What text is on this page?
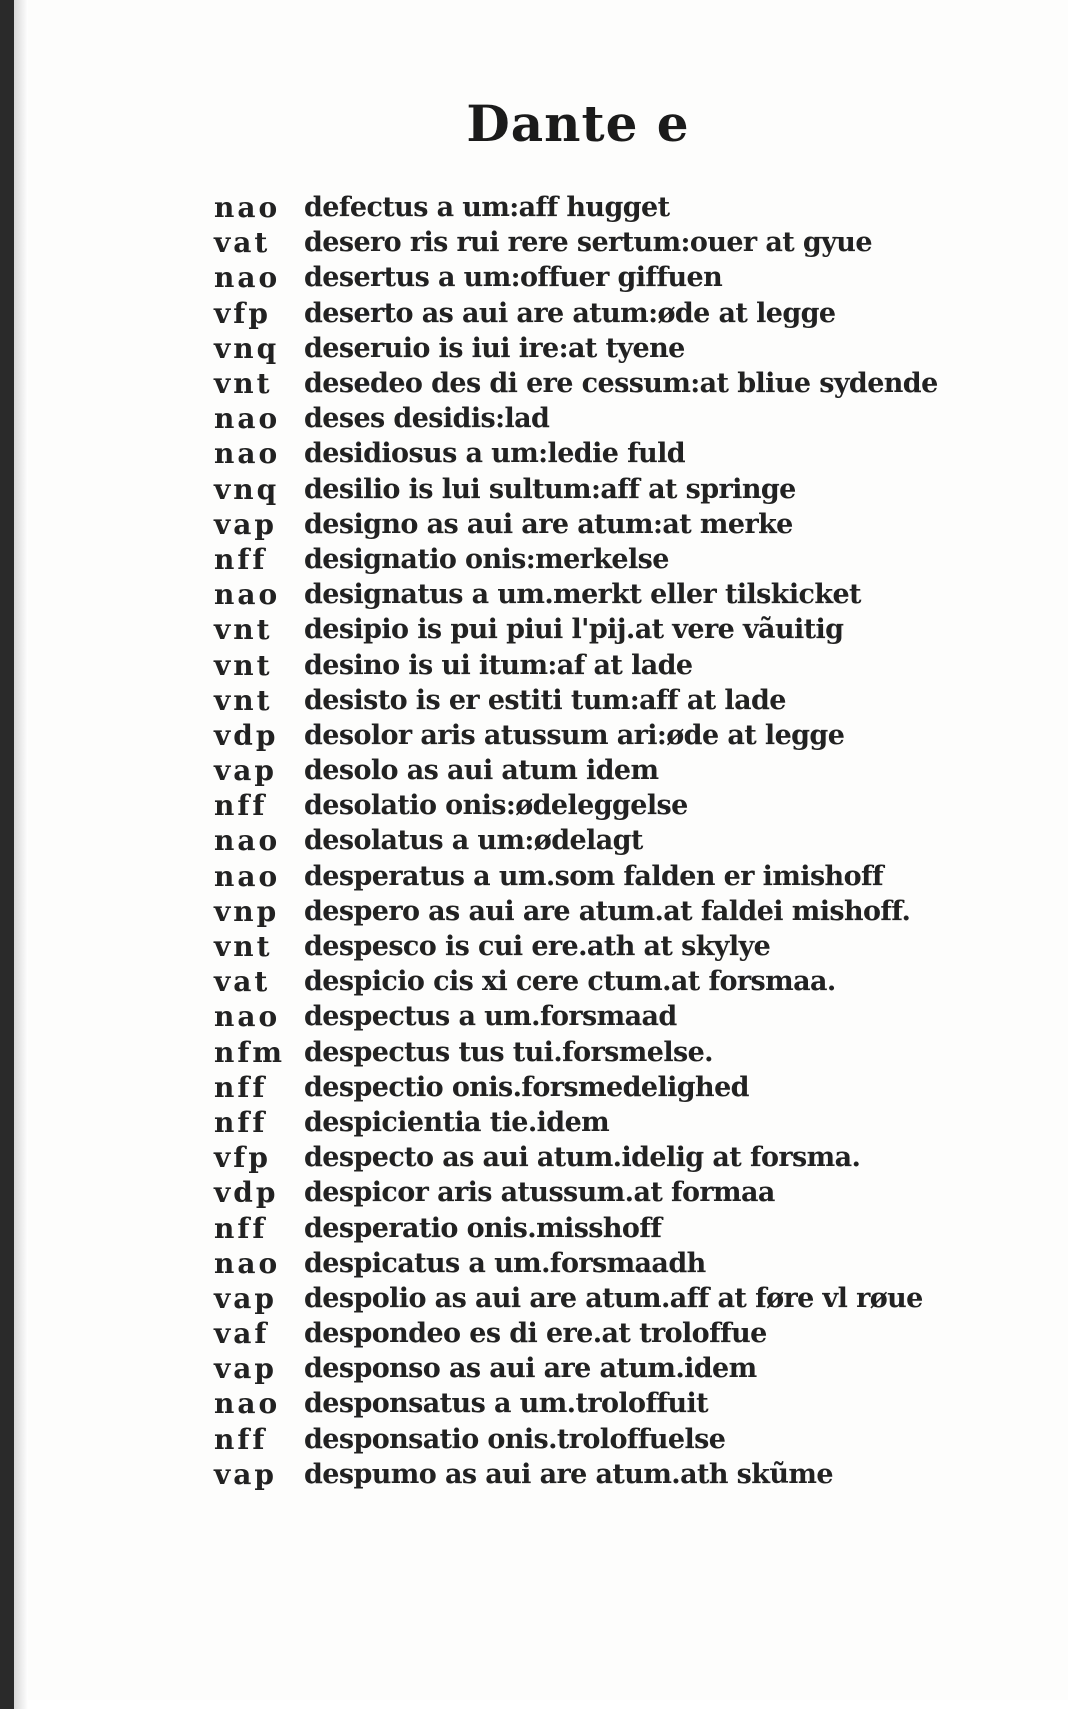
Dante e
nao defectus a um:aff hugget
vat	desero ris rui rere sertum:ouer at gyue
nao desertus a um:offuer giffuen
vfp	deserto as aui are atum:øde at legge
vnq deseruio is iui ire:at tyene
vnt	desedeo des di ere cessum:at bliue sydende
nao deses desidis:lad
nao desidiosus a um:ledie fuld
vnq desilio is lui sultum:aff at springe
vap	designo as aui are atum:at merke
nff	designatio onis:merkelse
nao designatus a um.merkt eller tilskicket
vnt	desipio is pui piui l'pij.at vere vãuitig
vnt	desino is ui itum:af at lade
vnt	desisto is er estiti tum:aff at lade
vdp desolor aris atussum ari:øde at legge
vap	desolo as aui atum idem
nff	desolatio onis:ødeleggelse
nao desolatus a um:ødelagt
nao desperatus a um.som falden er imishoff
vnp despero as aui are atum.at faldei mishoff.
vnt	despesco is cui ere.ath at skylye
vat	despicio cis xi cere ctum.at forsmaa.
nao despectus a um.forsmaad
nfm despectus tus tui.forsmelse.
nff	despectio onis.forsmedelighed
nff	despicientia tie.idem
vfp	despecto as aui atum.idelig at forsma.
vdp despicor aris atussum.at formaa
nff	desperatio onis.misshoff
nao despicatus a um.forsmaadh
vap	despolio as aui are atum.aff at føre vl røue
vaf	despondeo es di ere.at troloffue
vap	desponso as aui are atum.idem
nao desponsatus a um.troloffuit
nff	desponsatio onis.troloffuelse
vap	despumo as aui are atum.ath skũme
